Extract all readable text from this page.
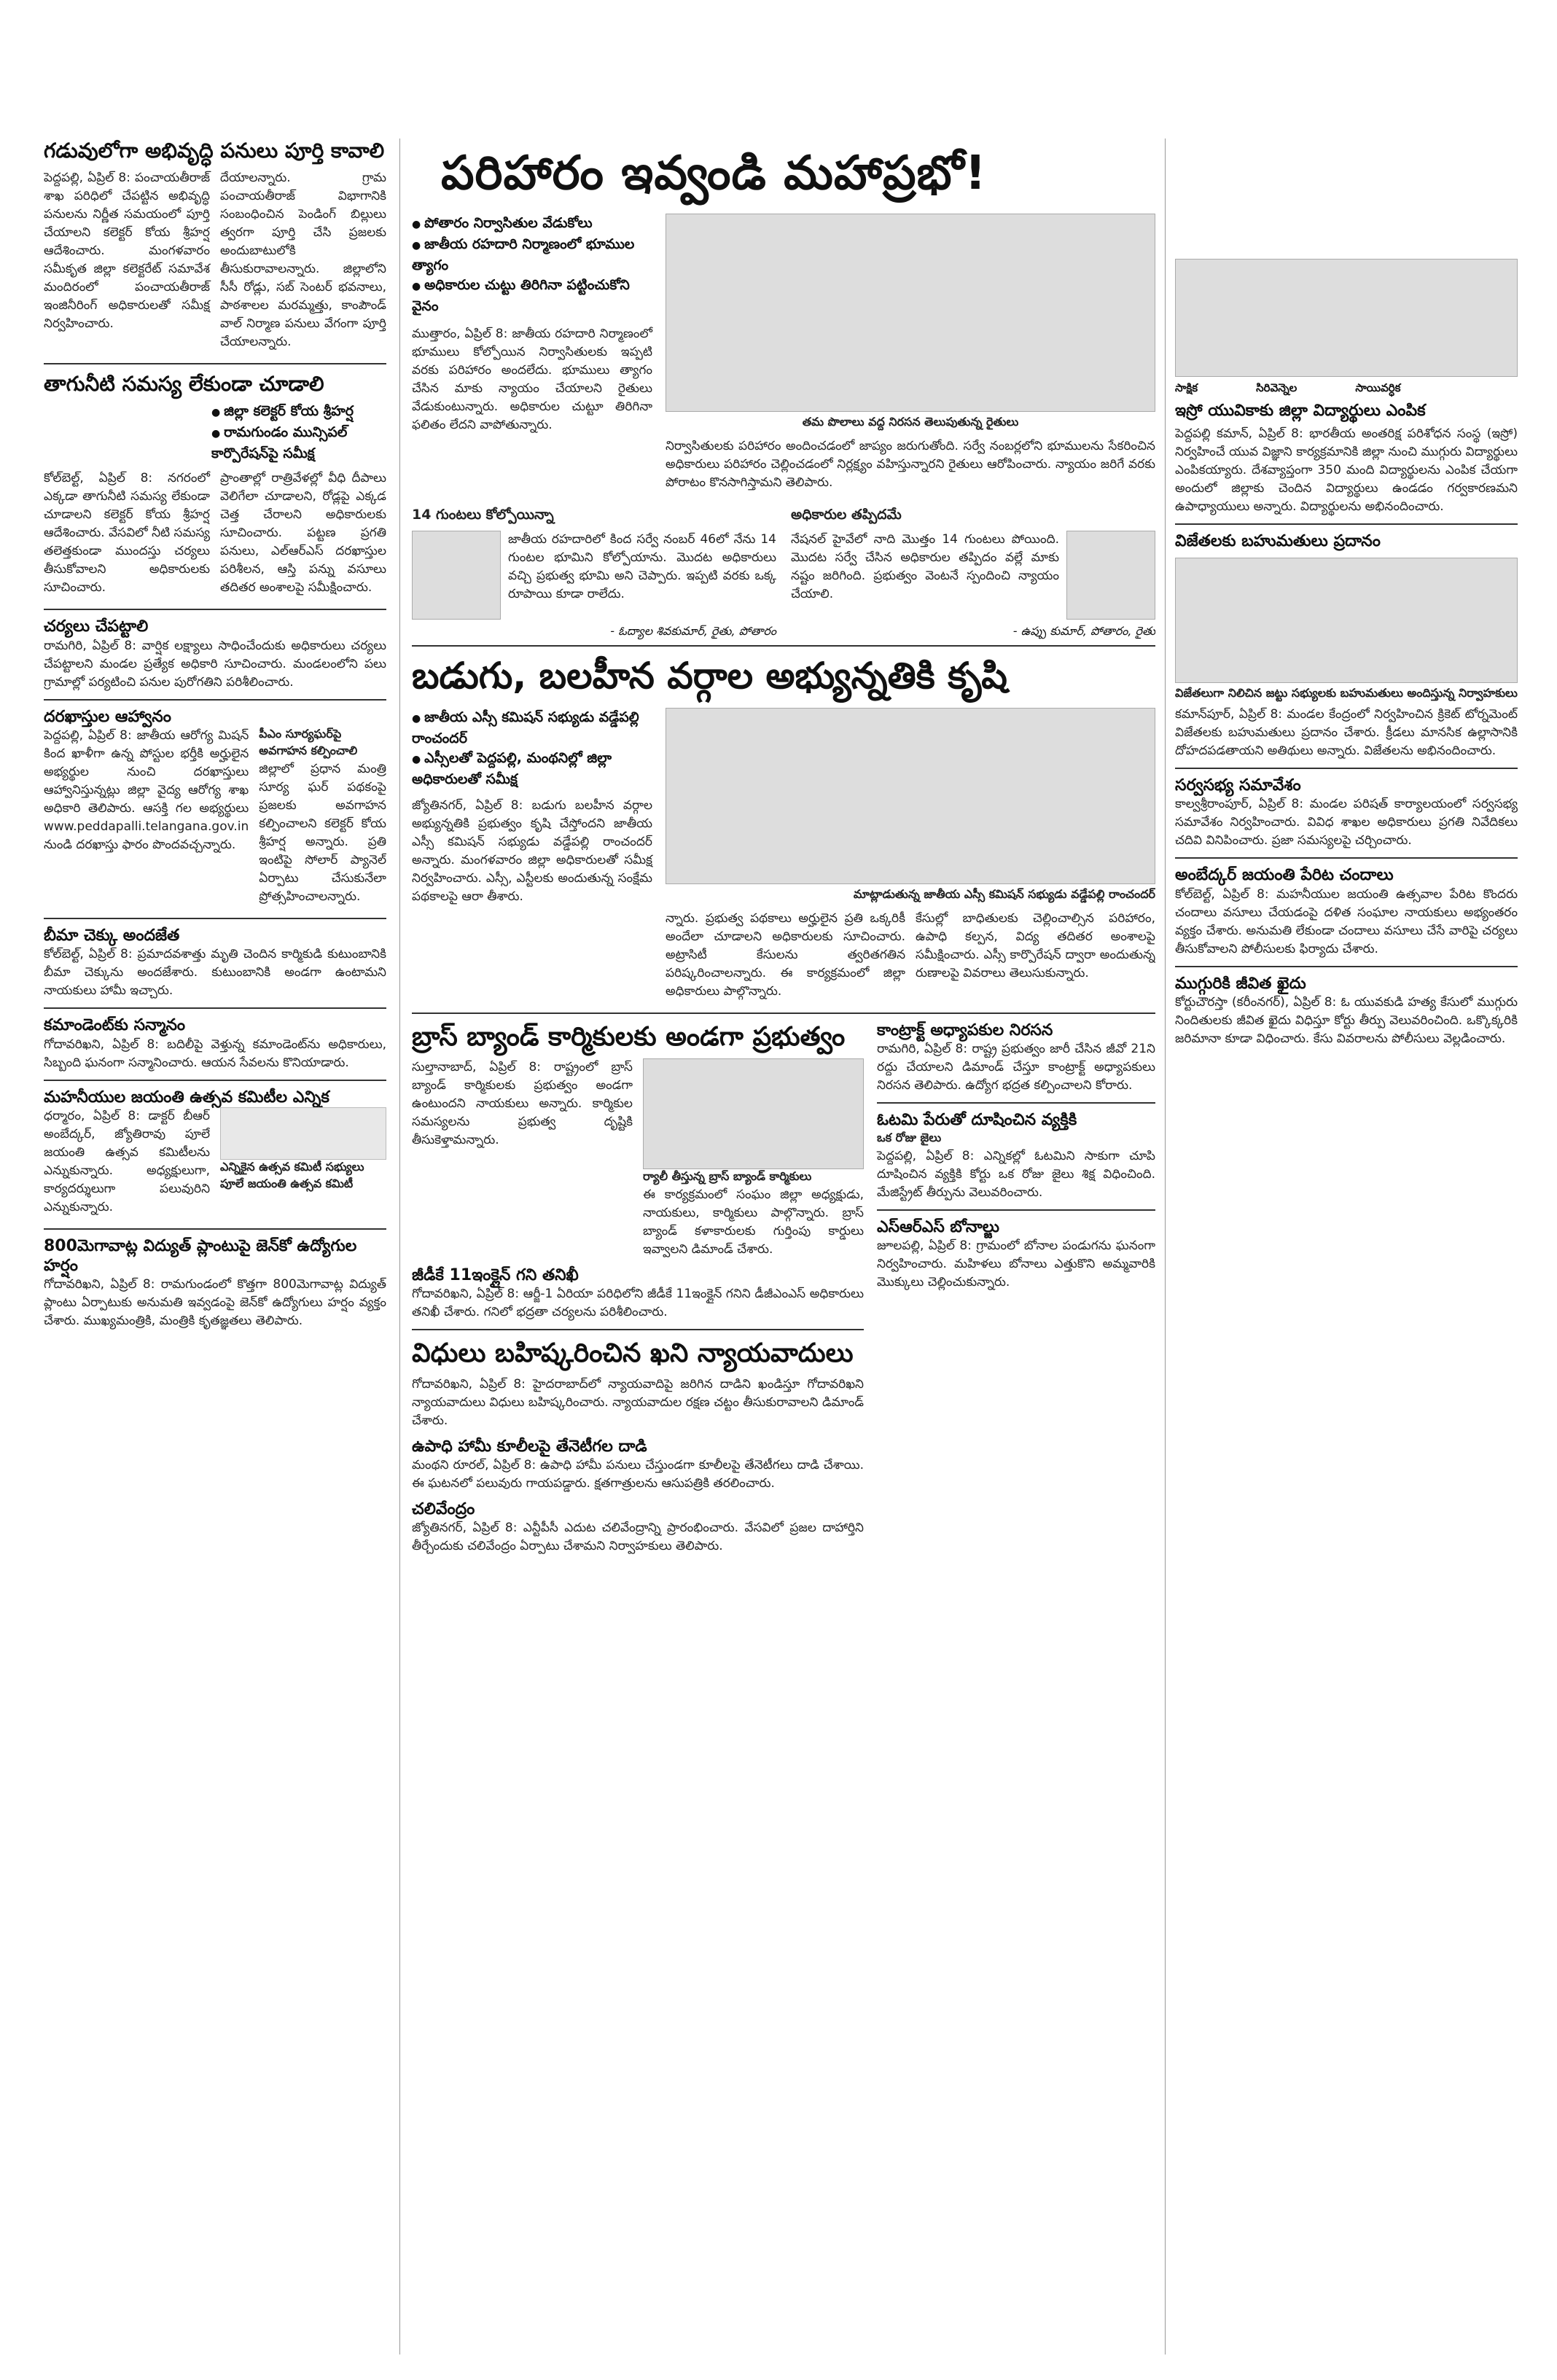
గడువులోగా అభివృద్ధి పనులు పూర్తి కావాలి

పెద్దపల్లి, ఏప్రిల్ 8: పంచాయతీరాజ్ శాఖ పరిధిలో చేపట్టిన అభివృద్ధి పనులను నిర్ణీత సమయంలో పూర్తి చేయాలని కలెక్టర్ కోయ శ్రీహర్ష ఆదేశించారు. మంగళవారం సమీకృత జిల్లా కలెక్టరేట్ సమావేశ మందిరంలో పంచాయతీరాజ్ ఇంజినీరింగ్ అధికారులతో సమీక్ష నిర్వహించారు.

దేయాలన్నారు. గ్రామ పంచాయతీరాజ్ విభాగానికి సంబంధించిన పెండింగ్ బిల్లులు త్వరగా పూర్తి చేసి ప్రజలకు అందుబాటులోకి తీసుకురావాలన్నారు. జిల్లాలోని సీసీ రోడ్లు, సబ్ సెంటర్ భవనాలు, పాఠశాలల మరమ్మత్తు, కాంపౌండ్ వాల్ నిర్మాణ పనులు వేగంగా పూర్తి చేయాలన్నారు.

తాగునీటి సమస్య లేకుండా చూడాలి
● జిల్లా కలెక్టర్ కోయ శ్రీహర్ష
● రామగుండం మున్సిపల్ కార్పొరేషన్‌పై సమీక్ష

కోల్‌బెల్ట్, ఏప్రిల్ 8: నగరంలో ఎక్కడా తాగునీటి సమస్య లేకుండా చూడాలని కలెక్టర్ కోయ శ్రీహర్ష ఆదేశించారు. వేసవిలో నీటి సమస్య తలెత్తకుండా ముందస్తు చర్యలు తీసుకోవాలని అధికారులకు సూచించారు.

ప్రాంతాల్లో రాత్రివేళల్లో వీధి దీపాలు వెలిగేలా చూడాలని, రోడ్లపై ఎక్కడ చెత్త చేరాలని అధికారులకు సూచించారు. పట్టణ ప్రగతి పనులు, ఎల్ఆర్ఎస్ దరఖాస్తుల పరిశీలన, ఆస్తి పన్ను వసూలు తదితర అంశాలపై సమీక్షించారు.

చర్యలు చేపట్టాలి

రామగిరి, ఏప్రిల్ 8: వార్షిక లక్ష్యాలు సాధించేందుకు అధికారులు చర్యలు చేపట్టాలని మండల ప్రత్యేక అధికారి సూచించారు. మండలంలోని పలు గ్రామాల్లో పర్యటించి పనుల పురోగతిని పరిశీలించారు.

దరఖాస్తుల ఆహ్వానం

పెద్దపల్లి, ఏప్రిల్ 8: జాతీయ ఆరోగ్య మిషన్ కింద ఖాళీగా ఉన్న పోస్టుల భర్తీకి అర్హులైన అభ్యర్థుల నుంచి దరఖాస్తులు ఆహ్వానిస్తున్నట్లు జిల్లా వైద్య ఆరోగ్య శాఖ అధికారి తెలిపారు. ఆసక్తి గల అభ్యర్థులు www.peddapalli.telangana.gov.in నుండి దరఖాస్తు ఫారం పొందవచ్చన్నారు.

పీఎం సూర్యఘర్‌పై అవగాహన కల్పించాలి

జిల్లాలో ప్రధాన మంత్రి సూర్య ఘర్ పథకంపై ప్రజలకు అవగాహన కల్పించాలని కలెక్టర్ కోయ శ్రీహర్ష అన్నారు. ప్రతి ఇంటిపై సోలార్ ప్యానెల్ ఏర్పాటు చేసుకునేలా ప్రోత్సహించాలన్నారు.

బీమా చెక్కు అందజేత

కోల్‌బెల్ట్, ఏప్రిల్ 8: ప్రమాదవశాత్తు మృతి చెందిన కార్మికుడి కుటుంబానికి బీమా చెక్కును అందజేశారు. కుటుంబానికి అండగా ఉంటామని నాయకులు హామీ ఇచ్చారు.

కమాండెంట్‌కు సన్మానం

గోదావరిఖని, ఏప్రిల్ 8: బదిలీపై వెళ్తున్న కమాండెంట్‌ను అధికారులు, సిబ్బంది ఘనంగా సన్మానించారు. ఆయన సేవలను కొనియాడారు.

మహనీయుల జయంతి ఉత్సవ కమిటీల ఎన్నిక

ధర్మారం, ఏప్రిల్ 8: డాక్టర్ బీఆర్ అంబేద్కర్, జ్యోతిరావు పూలే జయంతి ఉత్సవ కమిటీలను ఎన్నుకున్నారు. అధ్యక్షులుగా, కార్యదర్శులుగా పలువురిని ఎన్నుకున్నారు.

ఎన్నికైన ఉత్సవ కమిటీ సభ్యులు
పూలే జయంతి ఉత్సవ కమిటీ
800మెగావాట్ల విద్యుత్ ప్లాంటుపై జెన్‌కో ఉద్యోగుల హర్షం

గోదావరిఖని, ఏప్రిల్ 8: రామగుండంలో కొత్తగా 800మెగావాట్ల విద్యుత్ ప్లాంటు ఏర్పాటుకు అనుమతి ఇవ్వడంపై జెన్‌కో ఉద్యోగులు హర్షం వ్యక్తం చేశారు. ముఖ్యమంత్రికి, మంత్రికి కృతజ్ఞతలు తెలిపారు.

పరిహారం ఇవ్వండి మహాప్రభో!
● పోతారం నిర్వాసితుల వేడుకోలు
● జాతీయ రహదారి నిర్మాణంలో భూముల త్యాగం
● అధికారుల చుట్టు తిరిగినా పట్టించుకోని వైనం

ముత్తారం, ఏప్రిల్ 8: జాతీయ రహదారి నిర్మాణంలో భూములు కోల్పోయిన నిర్వాసితులకు ఇప్పటి వరకు పరిహారం అందలేదు. భూములు త్యాగం చేసిన మాకు న్యాయం చేయాలని రైతులు వేడుకుంటున్నారు. అధికారుల చుట్టూ తిరిగినా ఫలితం లేదని వాపోతున్నారు.	తమ పొలాలు వద్ద నిరసన తెలుపుతున్న రైతులు

నిర్వాసితులకు పరిహారం అందించడంలో జాప్యం జరుగుతోంది. సర్వే నంబర్లలోని భూములను సేకరించిన అధికారులు పరిహారం చెల్లించడంలో నిర్లక్ష్యం వహిస్తున్నారని రైతులు ఆరోపించారు. న్యాయం జరిగే వరకు పోరాటం కొనసాగిస్తామని తెలిపారు.

14 గుంటలు కోల్పోయిన్నా

జాతీయ రహదారిలో కింద సర్వే నంబర్ 46లో నేను 14 గుంటల భూమిని కోల్పోయాను. మొదట అధికారులు వచ్చి ప్రభుత్వ భూమి అని చెప్పారు. ఇప్పటి వరకు ఒక్క రూపాయి కూడా రాలేదు.

- ఓద్యాల శివకుమార్, రైతు, పోతారం
అధికారుల తప్పిదమే

నేషనల్ హైవేలో నాది మొత్తం 14 గుంటలు పోయింది. మొదట సర్వే చేసిన అధికారుల తప్పిదం వల్లే మాకు నష్టం జరిగింది. ప్రభుత్వం వెంటనే స్పందించి న్యాయం చేయాలి.

- ఉప్పు కుమార్, పోతారం, రైతు
బడుగు, బలహీన వర్గాల అభ్యున్నతికి కృషి
● జాతీయ ఎస్సీ కమిషన్ సభ్యుడు వడ్డేపల్లి రాంచందర్
● ఎస్సీలతో పెద్దపల్లి, మంథనిల్లో జిల్లా అధికారులతో సమీక్ష

జ్యోతినగర్, ఏప్రిల్ 8: బడుగు బలహీన వర్గాల అభ్యున్నతికి ప్రభుత్వం కృషి చేస్తోందని జాతీయ ఎస్సీ కమిషన్ సభ్యుడు వడ్డేపల్లి రాంచందర్ అన్నారు. మంగళవారం జిల్లా అధికారులతో సమీక్ష నిర్వహించారు. ఎస్సీ, ఎస్టీలకు అందుతున్న సంక్షేమ పథకాలపై ఆరా తీశారు.	మాట్లాడుతున్న జాతీయ ఎస్సీ కమిషన్ సభ్యుడు వడ్డేపల్లి రాంచందర్

న్నారు. ప్రభుత్వ పథకాలు అర్హులైన ప్రతి ఒక్కరికీ అందేలా చూడాలని అధికారులకు సూచించారు. అట్రాసిటీ కేసులను త్వరితగతిన పరిష్కరించాలన్నారు. ఈ కార్యక్రమంలో జిల్లా అధికారులు పాల్గొన్నారు.

కేసుల్లో బాధితులకు చెల్లించాల్సిన పరిహారం, ఉపాధి కల్పన, విద్య తదితర అంశాలపై సమీక్షించారు. ఎస్సీ కార్పొరేషన్ ద్వారా అందుతున్న రుణాలపై వివరాలు తెలుసుకున్నారు.

బ్రాస్ బ్యాండ్ కార్మికులకు అండగా ప్రభుత్వం

సుల్తానాబాద్, ఏప్రిల్ 8: రాష్ట్రంలో బ్రాస్ బ్యాండ్ కార్మికులకు ప్రభుత్వం అండగా ఉంటుందని నాయకులు అన్నారు. కార్మికుల సమస్యలను ప్రభుత్వ దృష్టికి తీసుకెళ్తామన్నారు.

ర్యాలీ తీస్తున్న బ్రాస్ బ్యాండ్ కార్మికులు

ఈ కార్యక్రమంలో సంఘం జిల్లా అధ్యక్షుడు, నాయకులు, కార్మికులు పాల్గొన్నారు. బ్రాస్ బ్యాండ్ కళాకారులకు గుర్తింపు కార్డులు ఇవ్వాలని డిమాండ్ చేశారు.

జీడీకే 11ఇంక్లైన్ గని తనిఖీ

గోదావరిఖని, ఏప్రిల్ 8: ఆర్జీ-1 ఏరియా పరిధిలోని జీడీకే 11ఇంక్లైన్ గనిని డీజీఎంఎస్ అధికారులు తనిఖీ చేశారు. గనిలో భద్రతా చర్యలను పరిశీలించారు.

విధులు బహిష్కరించిన ఖని న్యాయవాదులు

గోదావరిఖని, ఏప్రిల్ 8: హైదరాబాద్‌లో న్యాయవాదిపై జరిగిన దాడిని ఖండిస్తూ గోదావరిఖని న్యాయవాదులు విధులు బహిష్కరించారు. న్యాయవాదుల రక్షణ చట్టం తీసుకురావాలని డిమాండ్ చేశారు.

ఉపాధి హామీ కూలీలపై తేనెటీగల దాడి

మంథని రూరల్, ఏప్రిల్ 8: ఉపాధి హామీ పనులు చేస్తుండగా కూలీలపై తేనెటీగలు దాడి చేశాయి. ఈ ఘటనలో పలువురు గాయపడ్డారు. క్షతగాత్రులను ఆసుపత్రికి తరలించారు.

చలివేంద్రం

జ్యోతినగర్, ఏప్రిల్ 8: ఎన్టీపీసీ ఎదుట చలివేంద్రాన్ని ప్రారంభించారు. వేసవిలో ప్రజల దాహార్తిని తీర్చేందుకు చలివేంద్రం ఏర్పాటు చేశామని నిర్వాహకులు తెలిపారు.

కాంట్రాక్ట్ అధ్యాపకుల నిరసన

రామగిరి, ఏప్రిల్ 8: రాష్ట్ర ప్రభుత్వం జారీ చేసిన జీవో 21ని రద్దు చేయాలని డిమాండ్ చేస్తూ కాంట్రాక్ట్ అధ్యాపకులు నిరసన తెలిపారు. ఉద్యోగ భద్రత కల్పించాలని కోరారు.

ఓటమి పేరుతో దూషించిన వ్యక్తికి
ఒక రోజు జైలు

పెద్దపల్లి, ఏప్రిల్ 8: ఎన్నికల్లో ఓటమిని సాకుగా చూపి దూషించిన వ్యక్తికి కోర్టు ఒక రోజు జైలు శిక్ష విధించింది. మేజిస్ట్రేట్ తీర్పును వెలువరించారు.

ఎస్ఆర్ఎస్ బోనాల్జు

జూలపల్లి, ఏప్రిల్ 8: గ్రామంలో బోనాల పండుగను ఘనంగా నిర్వహించారు. మహిళలు బోనాలు ఎత్తుకొని అమ్మవారికి మొక్కులు చెల్లించుకున్నారు.

సాక్షిక	సిరివెన్నెల	సాయివర్ధిక
ఇస్రో యువికాకు జిల్లా విద్యార్థులు ఎంపిక

పెద్దపల్లి కమాన్, ఏప్రిల్ 8: భారతీయ అంతరిక్ష పరిశోధన సంస్థ (ఇస్రో) నిర్వహించే యువ విజ్ఞాని కార్యక్రమానికి జిల్లా నుంచి ముగ్గురు విద్యార్థులు ఎంపికయ్యారు. దేశవ్యాప్తంగా 350 మంది విద్యార్థులను ఎంపిక చేయగా అందులో జిల్లాకు చెందిన విద్యార్థులు ఉండడం గర్వకారణమని ఉపాధ్యాయులు అన్నారు. విద్యార్థులను అభినందించారు.

విజేతలకు బహుమతులు ప్రదానం
విజేతలుగా నిలిచిన జట్టు సభ్యులకు బహుమతులు అందిస్తున్న నిర్వాహకులు

కమాన్‌పూర్, ఏప్రిల్ 8: మండల కేంద్రంలో నిర్వహించిన క్రికెట్ టోర్నమెంట్ విజేతలకు బహుమతులు ప్రదానం చేశారు. క్రీడలు మానసిక ఉల్లాసానికి దోహదపడతాయని అతిథులు అన్నారు. విజేతలను అభినందించారు.

సర్వసభ్య సమావేశం

కాల్వశ్రీరాంపూర్, ఏప్రిల్ 8: మండల పరిషత్ కార్యాలయంలో సర్వసభ్య సమావేశం నిర్వహించారు. వివిధ శాఖల అధికారులు ప్రగతి నివేదికలు చదివి వినిపించారు. ప్రజా సమస్యలపై చర్చించారు.

అంబేద్కర్ జయంతి పేరిట చందాలు

కోల్‌బెల్ట్, ఏప్రిల్ 8: మహనీయుల జయంతి ఉత్సవాల పేరిట కొందరు చందాలు వసూలు చేయడంపై దళిత సంఘాల నాయకులు అభ్యంతరం వ్యక్తం చేశారు. అనుమతి లేకుండా చందాలు వసూలు చేసే వారిపై చర్యలు తీసుకోవాలని పోలీసులకు ఫిర్యాదు చేశారు.

ముగ్గురికి జీవిత ఖైదు

కోర్టుచౌరస్తా (కరీంనగర్), ఏప్రిల్ 8: ఓ యువకుడి హత్య కేసులో ముగ్గురు నిందితులకు జీవిత ఖైదు విధిస్తూ కోర్టు తీర్పు వెలువరించింది. ఒక్కొక్కరికి జరిమానా కూడా విధించారు. కేసు వివరాలను పోలీసులు వెల్లడించారు.
